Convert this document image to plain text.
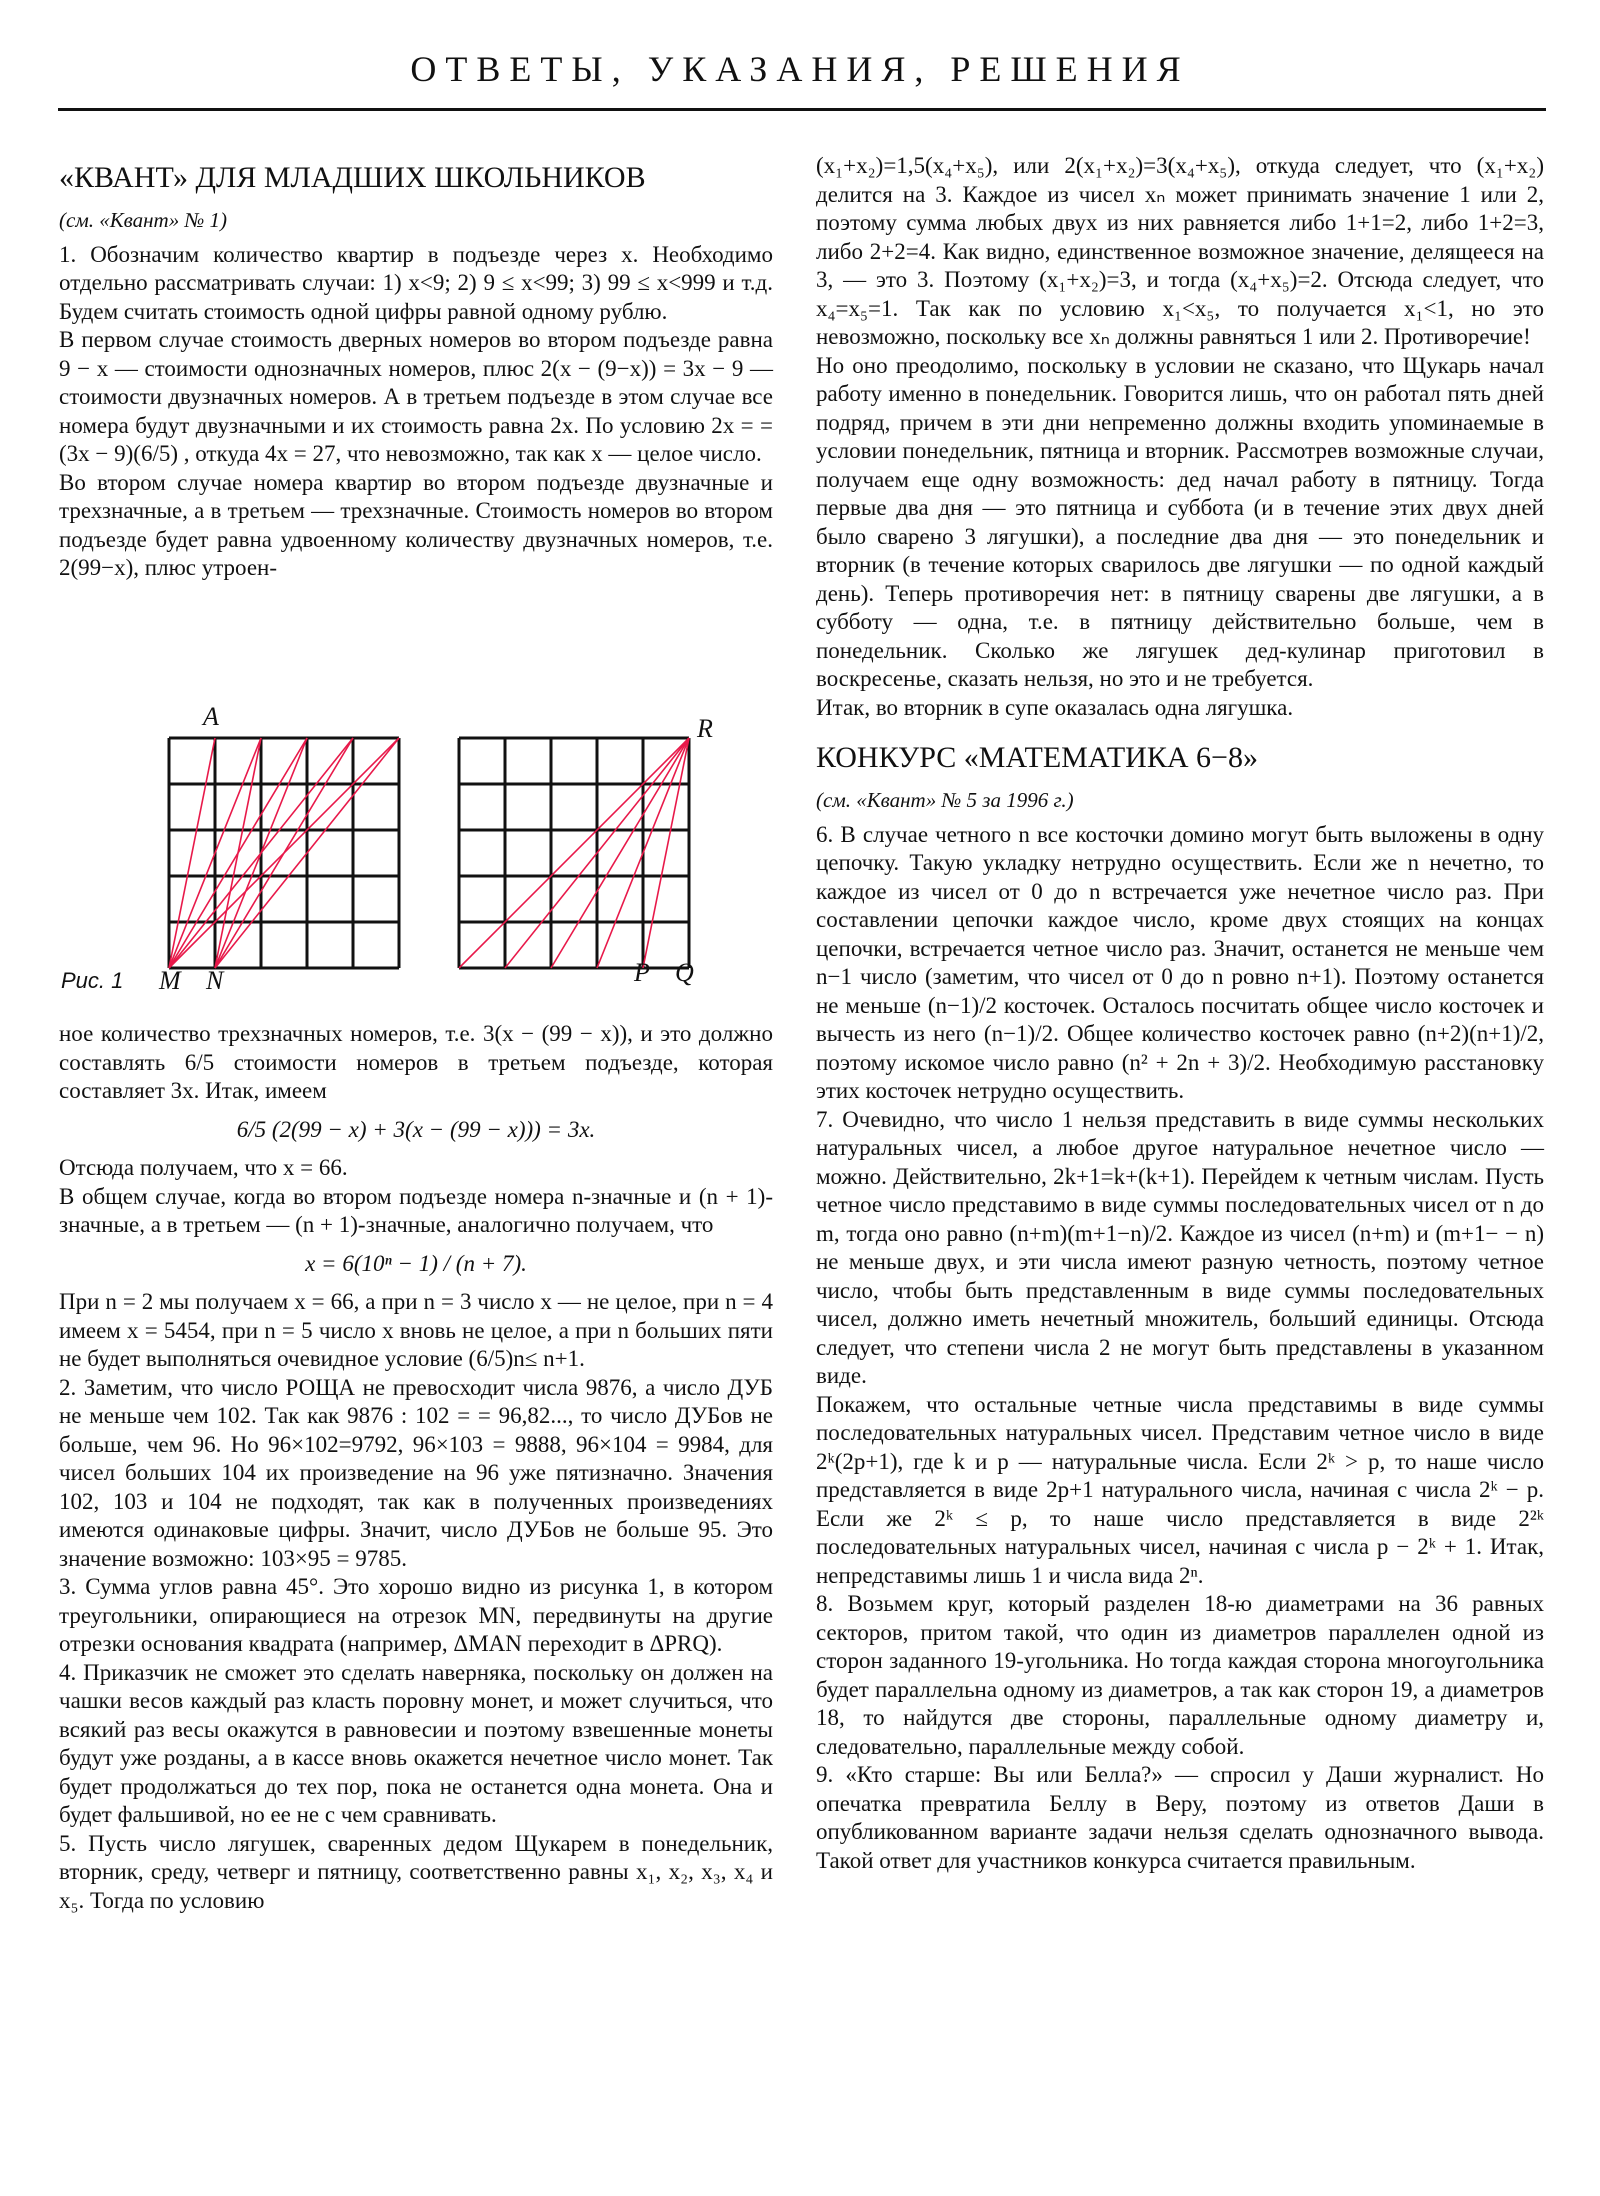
ОТВЕТЫ, УКАЗАНИЯ, РЕШЕНИЯ
«КВАНТ» ДЛЯ МЛАДШИХ ШКОЛЬНИКОВ
(см. «Квант» № 1)

1. Обозначим количество квартир в подъезде через x. Необходимо отдельно рассматривать случаи: 1) x<9; 2) 9 ≤ x<99; 3) 99 ≤ x<999 и т.д. Будем считать стоимость одной цифры равной одному рублю.

В первом случае стоимость дверных номеров во втором подъезде равна 9 − x — стоимости однозначных номеров, плюс 2(x − (9−x)) = 3x − 9 — стоимости двузначных номеров. А в третьем подъезде в этом случае все номера будут двузначными и их стоимость равна 2x. По условию 2x = = (3x − 9)(6/5) , откуда 4x = 27, что невозможно, так как x — целое число.

Во втором случае номера квартир во втором подъезде двузначные и трехзначные, а в третьем — трехзначные. Стоимость номеров во втором подъезде будет равна удвоенному количеству двузначных номеров, т.е. 2(99−x), плюс утроен-

Рис. 1
A
M N
R
P Q

ное количество трехзначных номеров, т.е. 3(x − (99 − x)), и это должно составлять 6/5 стоимости номеров в третьем подъезде, которая составляет 3x. Итак, имеем

6/5 (2(99 − x) + 3(x − (99 − x))) = 3x.

Отсюда получаем, что x = 66.

В общем случае, когда во втором подъезде номера n-значные и (n + 1)-значные, а в третьем — (n + 1)-значные, аналогично получаем, что

x = 6(10ⁿ − 1) / (n + 7).

При n = 2 мы получаем x = 66, а при n = 3 число x — не целое, при n = 4 имеем x = 5454, при n = 5 число x вновь не целое, а при n больших пяти не будет выполняться очевидное условие (6/5)n≤ n+1.

2. Заметим, что число РОЩА не превосходит числа 9876, а число ДУБ не меньше чем 102. Так как 9876 : 102 = = 96,82..., то число ДУБов не больше, чем 96. Но 96×102=9792, 96×103 = 9888, 96×104 = 9984, для чисел больших 104 их произведение на 96 уже пятизначно. Значения 102, 103 и 104 не подходят, так как в полученных произведениях имеются одинаковые цифры. Значит, число ДУБов не больше 95. Это значение возможно: 103×95 = 9785.

3. Сумма углов равна 45°. Это хорошо видно из рисунка 1, в котором треугольники, опирающиеся на отрезок MN, передвинуты на другие отрезки основания квадрата (например, ΔMAN переходит в ΔPRQ).

4. Приказчик не сможет это сделать наверняка, поскольку он должен на чашки весов каждый раз класть поровну монет, и может случиться, что всякий раз весы окажутся в равновесии и поэтому взвешенные монеты будут уже розданы, а в кассе вновь окажется нечетное число монет. Так будет продолжаться до тех пор, пока не останется одна монета. Она и будет фальшивой, но ее не с чем сравнивать.

5. Пусть число лягушек, сваренных дедом Щукарем в понедельник, вторник, среду, четверг и пятницу, соответственно равны x₁, x₂, x₃, x₄ и x₅. Тогда по условию

(x₁+x₂)=1,5(x₄+x₅), или 2(x₁+x₂)=3(x₄+x₅), откуда следует, что (x₁+x₂) делится на 3. Каждое из чисел xₙ может принимать значение 1 или 2, поэтому сумма любых двух из них равняется либо 1+1=2, либо 1+2=3, либо 2+2=4. Как видно, единственное возможное значение, делящееся на 3, — это 3. Поэтому (x₁+x₂)=3, и тогда (x₄+x₅)=2. Отсюда следует, что x₄=x₅=1. Так как по условию x₁<x₅, то получается x₁<1, но это невозможно, поскольку все xₙ должны равняться 1 или 2. Противоречие!

Но оно преодолимо, поскольку в условии не сказано, что Щукарь начал работу именно в понедельник. Говорится лишь, что он работал пять дней подряд, причем в эти дни непременно должны входить упоминаемые в условии понедельник, пятница и вторник. Рассмотрев возможные случаи, получаем еще одну возможность: дед начал работу в пятницу. Тогда первые два дня — это пятница и суббота (и в течение этих двух дней было сварено 3 лягушки), а последние два дня — это понедельник и вторник (в течение которых сварилось две лягушки — по одной каждый день). Теперь противоречия нет: в пятницу сварены две лягушки, а в субботу — одна, т.е. в пятницу действительно больше, чем в понедельник. Сколько же лягушек дед-кулинар приготовил в воскресенье, сказать нельзя, но это и не требуется.

Итак, во вторник в супе оказалась одна лягушка.

КОНКУРС «МАТЕМАТИКА 6−8»
(см. «Квант» № 5 за 1996 г.)

6. В случае четного n все косточки домино могут быть выложены в одну цепочку. Такую укладку нетрудно осуществить. Если же n нечетно, то каждое из чисел от 0 до n встречается уже нечетное число раз. При составлении цепочки каждое число, кроме двух стоящих на концах цепочки, встречается четное число раз. Значит, останется не меньше чем n−1 число (заметим, что чисел от 0 до n ровно n+1). Поэтому останется не меньше (n−1)/2 косточек. Осталось посчитать общее число косточек и вычесть из него (n−1)/2. Общее количество косточек равно (n+2)(n+1)/2, поэтому искомое число равно (n² + 2n + 3)/2. Необходимую расстановку этих косточек нетрудно осуществить.

7. Очевидно, что число 1 нельзя представить в виде суммы нескольких натуральных чисел, а любое другое натуральное нечетное число — можно. Действительно, 2k+1=k+(k+1). Перейдем к четным числам. Пусть четное число представимо в виде суммы последовательных чисел от n до m, тогда оно равно (n+m)(m+1−n)/2. Каждое из чисел (n+m) и (m+1− − n) не меньше двух, и эти числа имеют разную четность, поэтому четное число, чтобы быть представленным в виде суммы последовательных чисел, должно иметь нечетный множитель, больший единицы. Отсюда следует, что степени числа 2 не могут быть представлены в указанном виде.

Покажем, что остальные четные числа представимы в виде суммы последовательных натуральных чисел. Представим четное число в виде 2ᵏ(2p+1), где k и p — натуральные числа. Если 2ᵏ > p, то наше число представляется в виде 2p+1 натурального числа, начиная с числа 2ᵏ − p. Если же 2ᵏ ≤ p, то наше число представляется в виде 2²ᵏ последовательных натуральных чисел, начиная с числа p − 2ᵏ + 1. Итак, непредставимы лишь 1 и числа вида 2ⁿ.

8. Возьмем круг, который разделен 18-ю диаметрами на 36 равных секторов, притом такой, что один из диаметров параллелен одной из сторон заданного 19-угольника. Но тогда каждая сторона многоугольника будет параллельна одному из диаметров, а так как сторон 19, а диаметров 18, то найдутся две стороны, параллельные одному диаметру и, следовательно, параллельные между собой.

9. «Кто старше: Вы или Белла?» — спросил у Даши журналист. Но опечатка превратила Беллу в Веру, поэтому из ответов Даши в опубликованном варианте задачи нельзя сделать однозначного вывода. Такой ответ для участников конкурса считается правильным.
